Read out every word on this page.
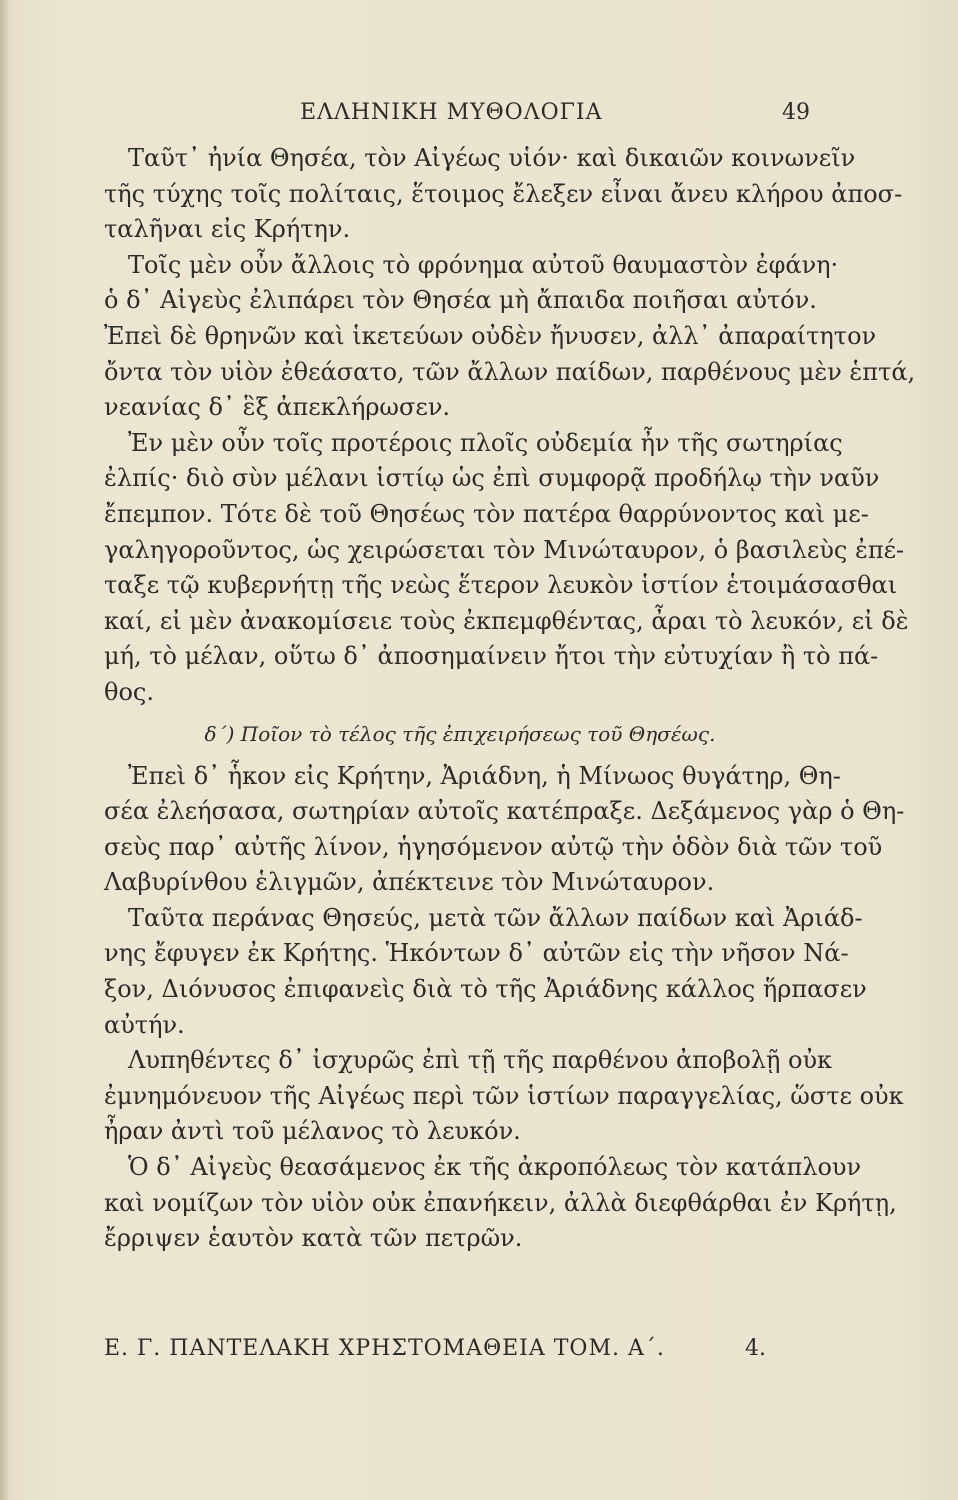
ΕΛΛΗΝΙΚΗ ΜΥΘΟΛΟΓΙΑ	49
Ταῦτ᾿ ἠνία Θησέα, τὸν Αἰγέως υἱόν· καὶ δικαιῶν κοινωνεῖν
τῆς τύχης τοῖς πολίταις, ἕτοιμος ἔλεξεν εἶναι ἄνευ κλήρου ἀποσ-
ταλῆναι εἰς Κρήτην.
Τοῖς μὲν οὖν ἄλλοις τὸ φρόνημα αὐτοῦ θαυμαστὸν ἐφάνη·
ὁ δ᾿ Αἰγεὺς ἐλιπάρει τὸν Θησέα μὴ ἄπαιδα ποιῆσαι αὐτόν.
Ἐπεὶ δὲ θρηνῶν καὶ ἱκετεύων οὐδὲν ἤνυσεν, ἀλλ᾿ ἀπαραίτητον
ὄντα τὸν υἱὸν ἐθεάσατο, τῶν ἄλλων παίδων, παρθένους μὲν ἑπτά,
νεανίας δ᾿ ἓξ ἀπεκλήρωσεν.
Ἐν μὲν οὖν τοῖς προτέροις πλοῖς οὐδεμία ἦν τῆς σωτηρίας
ἐλπίς· διὸ σὺν μέλανι ἱστίῳ ὡς ἐπὶ συμφορᾷ προδήλῳ τὴν ναῦν
ἔπεμπον. Τότε δὲ τοῦ Θησέως τὸν πατέρα θαρρύνοντος καὶ με-
γαληγοροῦντος, ὡς χειρώσεται τὸν Μινώταυρον, ὁ βασιλεὺς ἐπέ-
ταξε τῷ κυβερνήτῃ τῆς νεὼς ἕτερον λευκὸν ἱστίον ἑτοιμάσασθαι
καί, εἰ μὲν ἀνακομίσειε τοὺς ἐκπεμφθέντας, ἆραι τὸ λευκόν, εἰ δὲ
μή, τὸ μέλαν, οὕτω δ᾿ ἀποσημαίνειν ἤτοι τὴν εὐτυχίαν ἢ τὸ πά-
θος.
δ΄) Ποῖον τὸ τέλος τῆς ἐπιχειρήσεως τοῦ Θησέως.
Ἐπεὶ δ᾿ ἧκον εἰς Κρήτην, Ἀριάδνη, ἡ Μίνωος θυγάτηρ, Θη-
σέα ἐλεήσασα, σωτηρίαν αὐτοῖς κατέπραξε. Δεξάμενος γὰρ ὁ Θη-
σεὺς παρ᾿ αὐτῆς λίνον, ἡγησόμενον αὐτῷ τὴν ὁδὸν διὰ τῶν τοῦ
Λαβυρίνθου ἑλιγμῶν, ἀπέκτεινε τὸν Μινώταυρον.
Ταῦτα περάνας Θησεύς, μετὰ τῶν ἄλλων παίδων καὶ Ἀριάδ-
νης ἔφυγεν ἐκ Κρήτης. Ἡκόντων δ᾿ αὐτῶν εἰς τὴν νῆσον Νά-
ξον, Διόνυσος ἐπιφανεὶς διὰ τὸ τῆς Ἀριάδνης κάλλος ἥρπασεν
αὐτήν.
Λυπηθέντες δ᾿ ἰσχυρῶς ἐπὶ τῇ τῆς παρθένου ἀποβολῇ οὐκ
ἐμνημόνευον τῆς Αἰγέως περὶ τῶν ἱστίων παραγγελίας, ὥστε οὐκ
ἦραν ἀντὶ τοῦ μέλανος τὸ λευκόν.
Ὁ δ᾿ Αἰγεὺς θεασάμενος ἐκ τῆς ἀκροπόλεως τὸν κατάπλουν
καὶ νομίζων τὸν υἱὸν οὐκ ἐπανήκειν, ἀλλὰ διεφθάρθαι ἐν Κρήτῃ,
ἔρριψεν ἑαυτὸν κατὰ τῶν πετρῶν.
Ε. Γ. ΠΑΝΤΕΛΑΚΗ ΧΡΗΣΤΟΜΑΘΕΙΑ ΤΟΜ. Α΄.	4.
